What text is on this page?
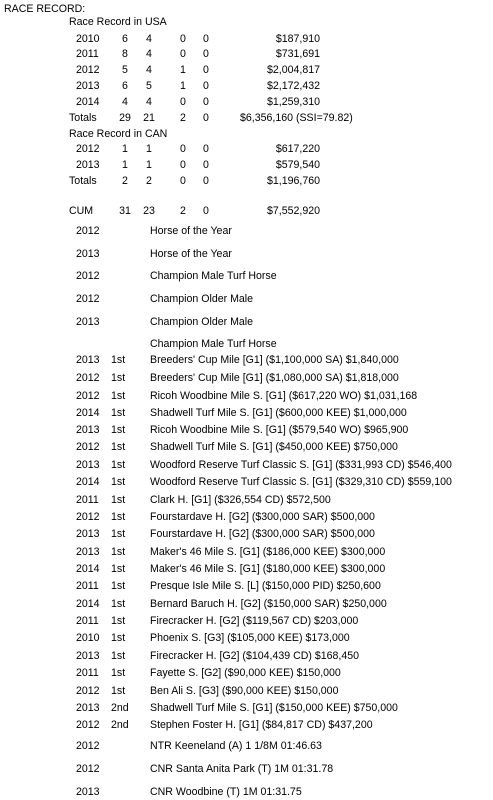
RACE RECORD:
Race Record in USA
2010 6 4	0 0	$187,910
2011 8 4	0 0	$731,691
2012 5 4	1 0	$2,004,817
2013 6 5	1 0	$2,172,432
2014 4 4	0 0	$1,259,310
Totals 29 21 2 0	$6,356,160 (SSI=79.82)
Race Record in CAN
2012 1 1	0 0	$617,220
2013 1 1	0 0	$579,540
Totals 2 2	0 0	$1,196,760
CUM 31 23 2 0	$7,552,920
2012	Horse of the Year
2013	Horse of the Year
2012	Champion Male Turf Horse
2012	Champion Older Male
2013	Champion Older Male
Champion Male Turf Horse
2013 1st Breeders' Cup Mile [G1] ($1,100,000 SA) $1,840,000
2012 1st Breeders' Cup Mile [G1] ($1,080,000 SA) $1,818,000
2012 1st Ricoh Woodbine Mile S. [G1] ($617,220 WO) $1,031,168
2014 1st Shadwell Turf Mile S. [G1] ($600,000 KEE) $1,000,000
2013 1st Ricoh Woodbine Mile S. [G1] ($579,540 WO) $965,900
2012 1st Shadwell Turf Mile S. [G1] ($450,000 KEE) $750,000
2013 1st Woodford Reserve Turf Classic S. [G1] ($331,993 CD) $546,400
2014 1st Woodford Reserve Turf Classic S. [G1] ($329,310 CD) $559,100
2011 1st Clark H. [G1] ($326,554 CD) $572,500
2012 1st Fourstardave H. [G2] ($300,000 SAR) $500,000
2013 1st Fourstardave H. [G2] ($300,000 SAR) $500,000
2013 1st Maker's 46 Mile S. [G1] ($186,000 KEE) $300,000
2014 1st Maker's 46 Mile S. [G1] ($180,000 KEE) $300,000
2011 1st Presque Isle Mile S. [L] ($150,000 PID) $250,600
2014 1st Bernard Baruch H. [G2] ($150,000 SAR) $250,000
2011 1st Firecracker H. [G2] ($119,567 CD) $203,000
2010 1st Phoenix S. [G3] ($105,000 KEE) $173,000
2013 1st Firecracker H. [G2] ($104,439 CD) $168,450
2011 1st Fayette S. [G2] ($90,000 KEE) $150,000
2012 1st Ben Ali S. [G3] ($90,000 KEE) $150,000
2013 2nd Shadwell Turf Mile S. [G1] ($150,000 KEE) $750,000
2012 2nd Stephen Foster H. [G1] ($84,817 CD) $437,200
2012	NTR Keeneland (A) 1 1/8M 01:46.63
2012	CNR Santa Anita Park (T) 1M 01:31.78
2013	CNR Woodbine (T) 1M 01:31.75
